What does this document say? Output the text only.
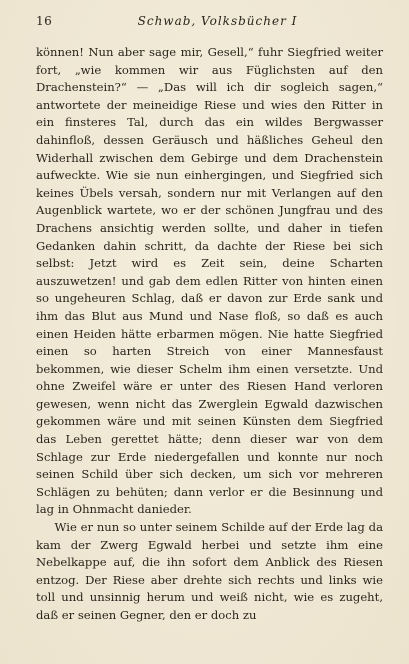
16	Schwab, Volksbücher I

können! Nun aber sage mir, Gesell,“ fuhr Siegfried weiter fort, „wie kommen wir aus Füglichsten auf den Drachenstein?“ — „Das will ich dir sogleich sagen,“ antwortete der meineidige Riese und wies den Ritter in ein finsteres Tal, durch das ein wildes Bergwasser dahinfloß, dessen Geräusch und häßliches Geheul den Widerhall zwischen dem Gebirge und dem Drachenstein aufweckte. Wie sie nun einhergingen, und Siegfried sich keines Übels versah, sondern nur mit Verlangen auf den Augenblick wartete, wo er der schönen Jungfrau und des Drachens ansichtig werden sollte, und daher in tiefen Gedanken dahin schritt, da dachte der Riese bei sich selbst: Jetzt wird es Zeit sein, deine Scharten auszuwetzen! und gab dem edlen Ritter von hinten einen so ungeheuren Schlag, daß er davon zur Erde sank und ihm das Blut aus Mund und Nase floß, so daß es auch einen Heiden hätte erbarmen mögen. Nie hatte Siegfried einen so harten Streich von einer Mannesfaust bekommen, wie dieser Schelm ihm einen versetzte. Und ohne Zweifel wäre er unter des Riesen Hand verloren gewesen, wenn nicht das Zwerglein Egwald dazwischen gekommen wäre und mit seinen Künsten dem Siegfried das Leben gerettet hätte; denn dieser war von dem Schlage zur Erde niedergefallen und konnte nur noch seinen Schild über sich decken, um sich vor mehreren Schlägen zu behüten; dann verlor er die Besinnung und lag in Ohnmacht danieder.

Wie er nun so unter seinem Schilde auf der Erde lag da kam der Zwerg Egwald herbei und setzte ihm eine Nebelkappe auf, die ihn sofort dem Anblick des Riesen entzog. Der Riese aber drehte sich rechts und links wie toll und unsinnig herum und weiß nicht, wie es zugeht, daß er seinen Gegner, den er doch zu
